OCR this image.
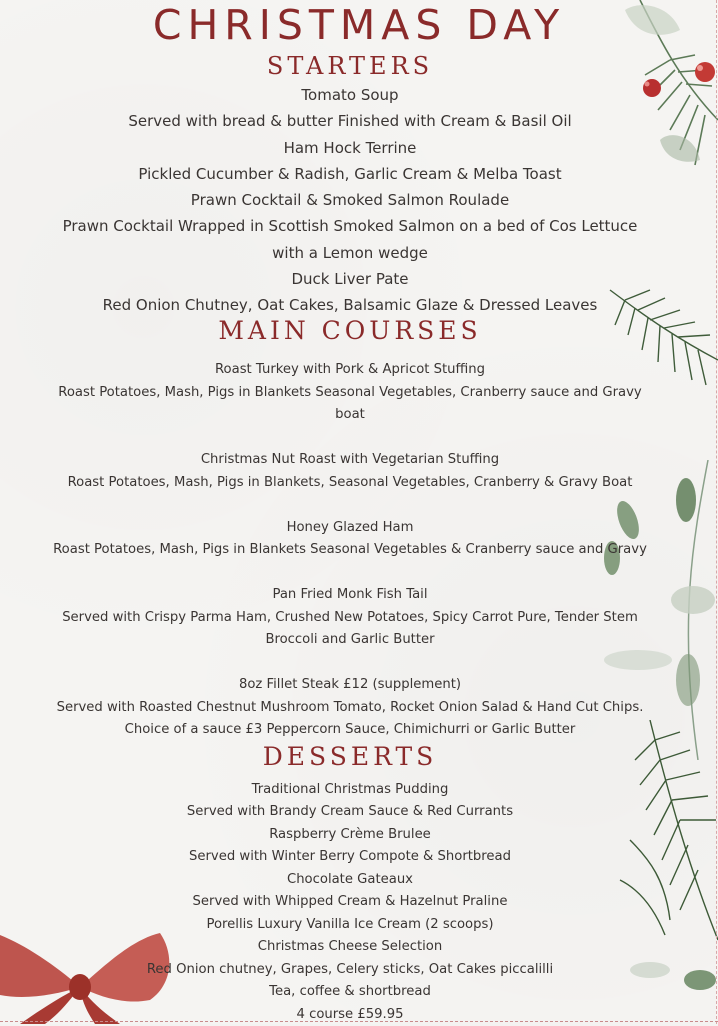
CHRISTMAS DAY
STARTERS
Tomato Soup
Served with bread & butter Finished with Cream & Basil Oil
Ham Hock Terrine
Pickled Cucumber & Radish, Garlic Cream & Melba Toast
Prawn Cocktail & Smoked Salmon Roulade
Prawn Cocktail Wrapped in Scottish Smoked Salmon on a bed of Cos Lettuce
with a Lemon wedge
Duck Liver Pate
Red Onion Chutney, Oat Cakes, Balsamic Glaze & Dressed Leaves
MAIN COURSES
Roast Turkey with Pork & Apricot Stuffing
Roast Potatoes, Mash, Pigs in Blankets Seasonal Vegetables, Cranberry sauce and Gravy
boat
Christmas Nut Roast with Vegetarian Stuffing
Roast Potatoes, Mash, Pigs in Blankets, Seasonal Vegetables, Cranberry & Gravy Boat
Honey Glazed Ham
Roast Potatoes, Mash, Pigs in Blankets Seasonal Vegetables & Cranberry sauce and Gravy
Pan Fried Monk Fish Tail
Served with Crispy Parma Ham, Crushed New Potatoes, Spicy Carrot Pure, Tender Stem
Broccoli and Garlic Butter
8oz Fillet Steak £12 (supplement)
Served with Roasted Chestnut Mushroom Tomato, Rocket Onion Salad & Hand Cut Chips.
Choice of a sauce £3 Peppercorn Sauce, Chimichurri or Garlic Butter
DESSERTS
Traditional Christmas Pudding
Served with Brandy Cream Sauce & Red Currants
Raspberry Crème Brulee
Served with Winter Berry Compote & Shortbread
Chocolate Gateaux
Served with Whipped Cream & Hazelnut Praline
Porellis Luxury Vanilla Ice Cream (2 scoops)
Christmas Cheese Selection
Red Onion chutney, Grapes, Celery sticks, Oat Cakes piccalilli
Tea, coffee & shortbread
4 course £59.95
